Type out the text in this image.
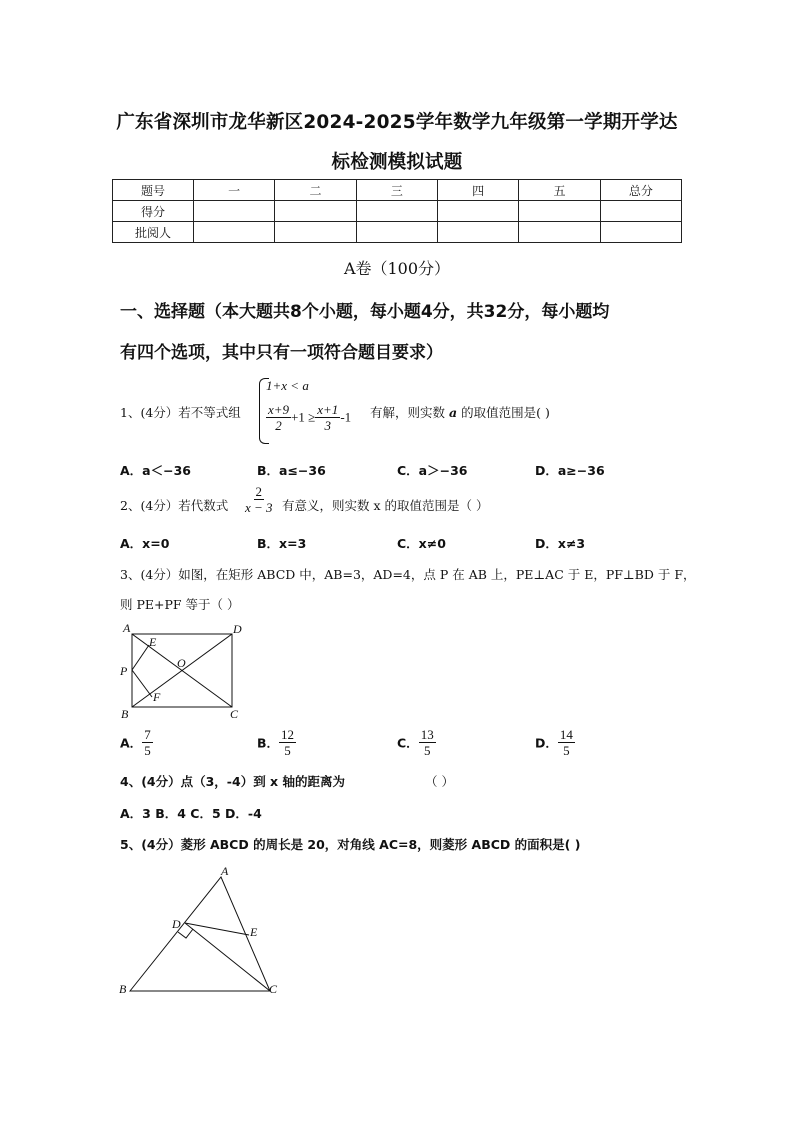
广东省深圳市龙华新区2024-2025学年数学九年级第一学期开学达
标检测模拟试题
题号	一	二	三	四	五	总分
得分						
批阅人						
A卷（100分）
一、选择题（本大题共8个小题，每小题4分，共32分，每小题均
有四个选项，其中只有一项符合题目要求）
1、(4分）若不等式组
1+x < a
$\frac{x+9}{2} +1 \ge \frac{x+1}{3} -1$ 有解，则实数 a 的取值范围是( )
A．a＜−36	B．a≤−36	C．a＞−36	D．a≥−36
2、(4分）若代数式 $\frac{2}{x - 3}$ 有意义，则实数 x 的取值范围是（ ）
A．x=0	B．x=3	C．x≠0	D．x≠3
3、(4分）如图，在矩形 ABCD 中，AB=3，AD=4，点 P 在 AB 上，PE⊥AC 于 E，PF⊥BD 于 F，
则 PE+PF 等于（ ）
A	D
E
O
P
F
B	C
A． $\frac{7}{5}$	B． $\frac{12}{5}$	C． $\frac{13}{5}$	D． $\frac{14}{5}$
4、(4分）点（3，-4）到 x 轴的距离为	（ ）
A．3 B．4 C．5 D．-4
5、(4分）菱形 ABCD 的周长是 20，对角线 AC=8，则菱形 ABCD 的面积是( )
A
D
E
B	C
